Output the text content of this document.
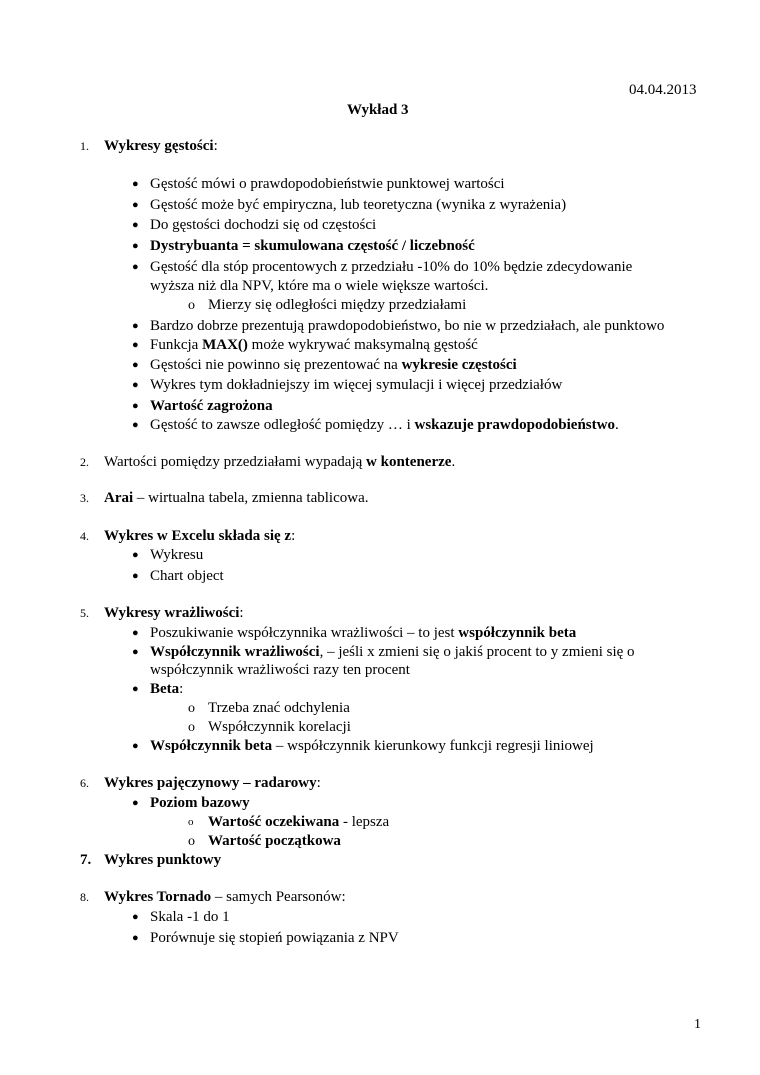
04.04.2013
Wykład 3
1. Wykresy gęstości:
● Gęstość mówi o prawdopodobieństwie punktowej wartości
● Gęstość może być empiryczna, lub teoretyczna (wynika z wyrażenia)
● Do gęstości dochodzi się od częstości
● Dystrybuanta = skumulowana częstość / liczebność
● Gęstość dla stóp procentowych z przedziału -10% do 10% będzie zdecydowanie
wyższa niż dla NPV, które ma o wiele większe wartości.
o Mierzy się odległości między przedziałami
● Bardzo dobrze prezentują prawdopodobieństwo, bo nie w przedziałach, ale punktowo
● Funkcja MAX() może wykrywać maksymalną gęstość
● Gęstości nie powinno się prezentować na wykresie częstości
● Wykres tym dokładniejszy im więcej symulacji i więcej przedziałów
● Wartość zagrożona
● Gęstość to zawsze odległość pomiędzy … i wskazuje prawdopodobieństwo.
2. Wartości pomiędzy przedziałami wypadają w kontenerze.
3. Arai – wirtualna tabela, zmienna tablicowa.
4. Wykres w Excelu składa się z:
● Wykresu
● Chart object
5. Wykresy wrażliwości:
● Poszukiwanie współczynnika wrażliwości – to jest współczynnik beta
● Współczynnik wrażliwości, – jeśli x zmieni się o jakiś procent to y zmieni się o
współczynnik wrażliwości razy ten procent
● Beta:
o Trzeba znać odchylenia
o Współczynnik korelacji
● Współczynnik beta – współczynnik kierunkowy funkcji regresji liniowej
6. Wykres pajęczynowy – radarowy:
● Poziom bazowy
o Wartość oczekiwana - lepsza
o Wartość początkowa
7. Wykres punktowy
8. Wykres Tornado – samych Pearsonów:
● Skala -1 do 1
● Porównuje się stopień powiązania z NPV
1
